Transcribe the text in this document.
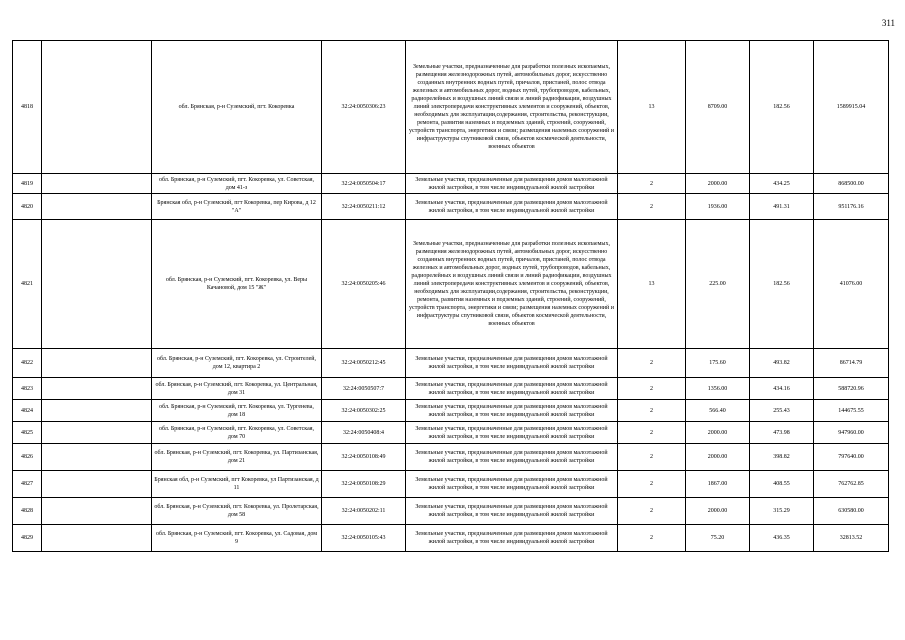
311
4818		обл. Брянская, р-н Суземский, пгт. Кокоревка	32:24:0050306:23	Земельные участки, предназначенные для разработки полезных ископаемых, размещения железнодорожных путей, автомобильных дорог, искусственно созданных внутренних водных путей, причалов, пристаней, полос отвода железных и автомобильных дорог, водных путей, трубопроводов, кабельных, радиорелейных и воздушных линий связи и линий радиофикации, воздушных линий электропередачи конструктивных элементов и сооружений, объектов, необходимых для эксплуатации,содержания, строительства, реконструкции, ремонта, развития наземных и подземных зданий, строений, сооружений, устройств транспорта, энергетики и связи; размещения наземных сооружений и инфраструктуры спутниковой связи, объектов космической деятельности, военных объектов	13	8709.00	182.56	1589915.04
4819		обл. Брянская, р-н Суземский, пгт. Кокоревка, ул. Советская, дом 41-з	32:24:0050504:17	Земельные участки, предназначенные для размещения домов малоэтажной жилой застройки, в том числе индивидуальной жилой застройки	2	2000.00	434.25	868500.00
4820		Брянская обл, р-н Суземский, пгт Кокоревка, пер Кирова, д 12 "А"	32:24:0050211:12	Земельные участки, предназначенные для размещения домов малоэтажной жилой застройки, в том числе индивидуальной жилой застройки	2	1936.00	491.31	951176.16
4821		обл. Брянская, р-н Суземский, пгт. Кокоревка, ул. Веры Качановой, дом 15 "Ж"	32:24:0050205:46	Земельные участки, предназначенные для разработки полезных ископаемых, размещения железнодорожных путей, автомобильных дорог, искусственно созданных внутренних водных путей, причалов, пристаней, полос отвода железных и автомобильных дорог, водных путей, трубопроводов, кабельных, радиорелейных и воздушных линий связи и линий радиофикации, воздушных линий электропередачи конструктивных элементов и сооружений, объектов, необходимых для эксплуатации,содержания, строительства, реконструкции, ремонта, развития наземных и подземных зданий, строений, сооружений, устройств транспорта, энергетики и связи; размещения наземных сооружений и инфраструктуры спутниковой связи, объектов космической деятельности, военных объектов	13	225.00	182.56	41076.00
4822		обл. Брянская, р-н Суземский, пгт. Кокоревка, ул. Строителей, дом 12, квартира 2	32:24:0050212:45	Земельные участки, предназначенные для размещения домов малоэтажной жилой застройки, в том числе индивидуальной жилой застройки	2	175.60	493.82	86714.79
4823		обл. Брянская, р-н Суземский, пгт. Кокоревка, ул. Центральная, дом 31	32:24:0050507:7	Земельные участки, предназначенные для размещения домов малоэтажной жилой застройки, в том числе индивидуальной жилой застройки	2	1356.00	434.16	588720.96
4824		обл. Брянская, р-н Суземский, пгт. Кокоревка, ул. Тургенева, дом 18	32:24:0050302:25	Земельные участки, предназначенные для размещения домов малоэтажной жилой застройки, в том числе индивидуальной жилой застройки	2	566.40	255.43	144675.55
4825		обл. Брянская, р-н Суземский, пгт. Кокоревка, ул. Советская, дом 70	32:24:0050408:4	Земельные участки, предназначенные для размещения домов малоэтажной жилой застройки, в том числе индивидуальной жилой застройки	2	2000.00	473.98	947960.00
4826		обл. Брянская, р-н Суземский, пгт. Кокоревка, ул. Партизанская, дом 21	32:24:0050108:49	Земельные участки, предназначенные для размещения домов малоэтажной жилой застройки, в том числе индивидуальной жилой застройки	2	2000.00	398.82	797640.00
4827		Брянская обл, р-н Суземский, пгт Кокоревка, ул Партизанская, д 11	32:24:0050108:29	Земельные участки, предназначенные для размещения домов малоэтажной жилой застройки, в том числе индивидуальной жилой застройки	2	1867.00	408.55	762762.85
4828		обл. Брянская, р-н Суземский, пгт. Кокоревка, ул. Пролетарская, дом 58	32:24:0050202:11	Земельные участки, предназначенные для размещения домов малоэтажной жилой застройки, в том числе индивидуальной жилой застройки	2	2000.00	315.29	630580.00
4829		обл. Брянская, р-н Суземский, пгт. Кокоревка, ул. Садовая, дом 9	32:24:0050105:43	Земельные участки, предназначенные для размещения домов малоэтажной жилой застройки, в том числе индивидуальной жилой застройки	2	75.20	436.35	32813.52
